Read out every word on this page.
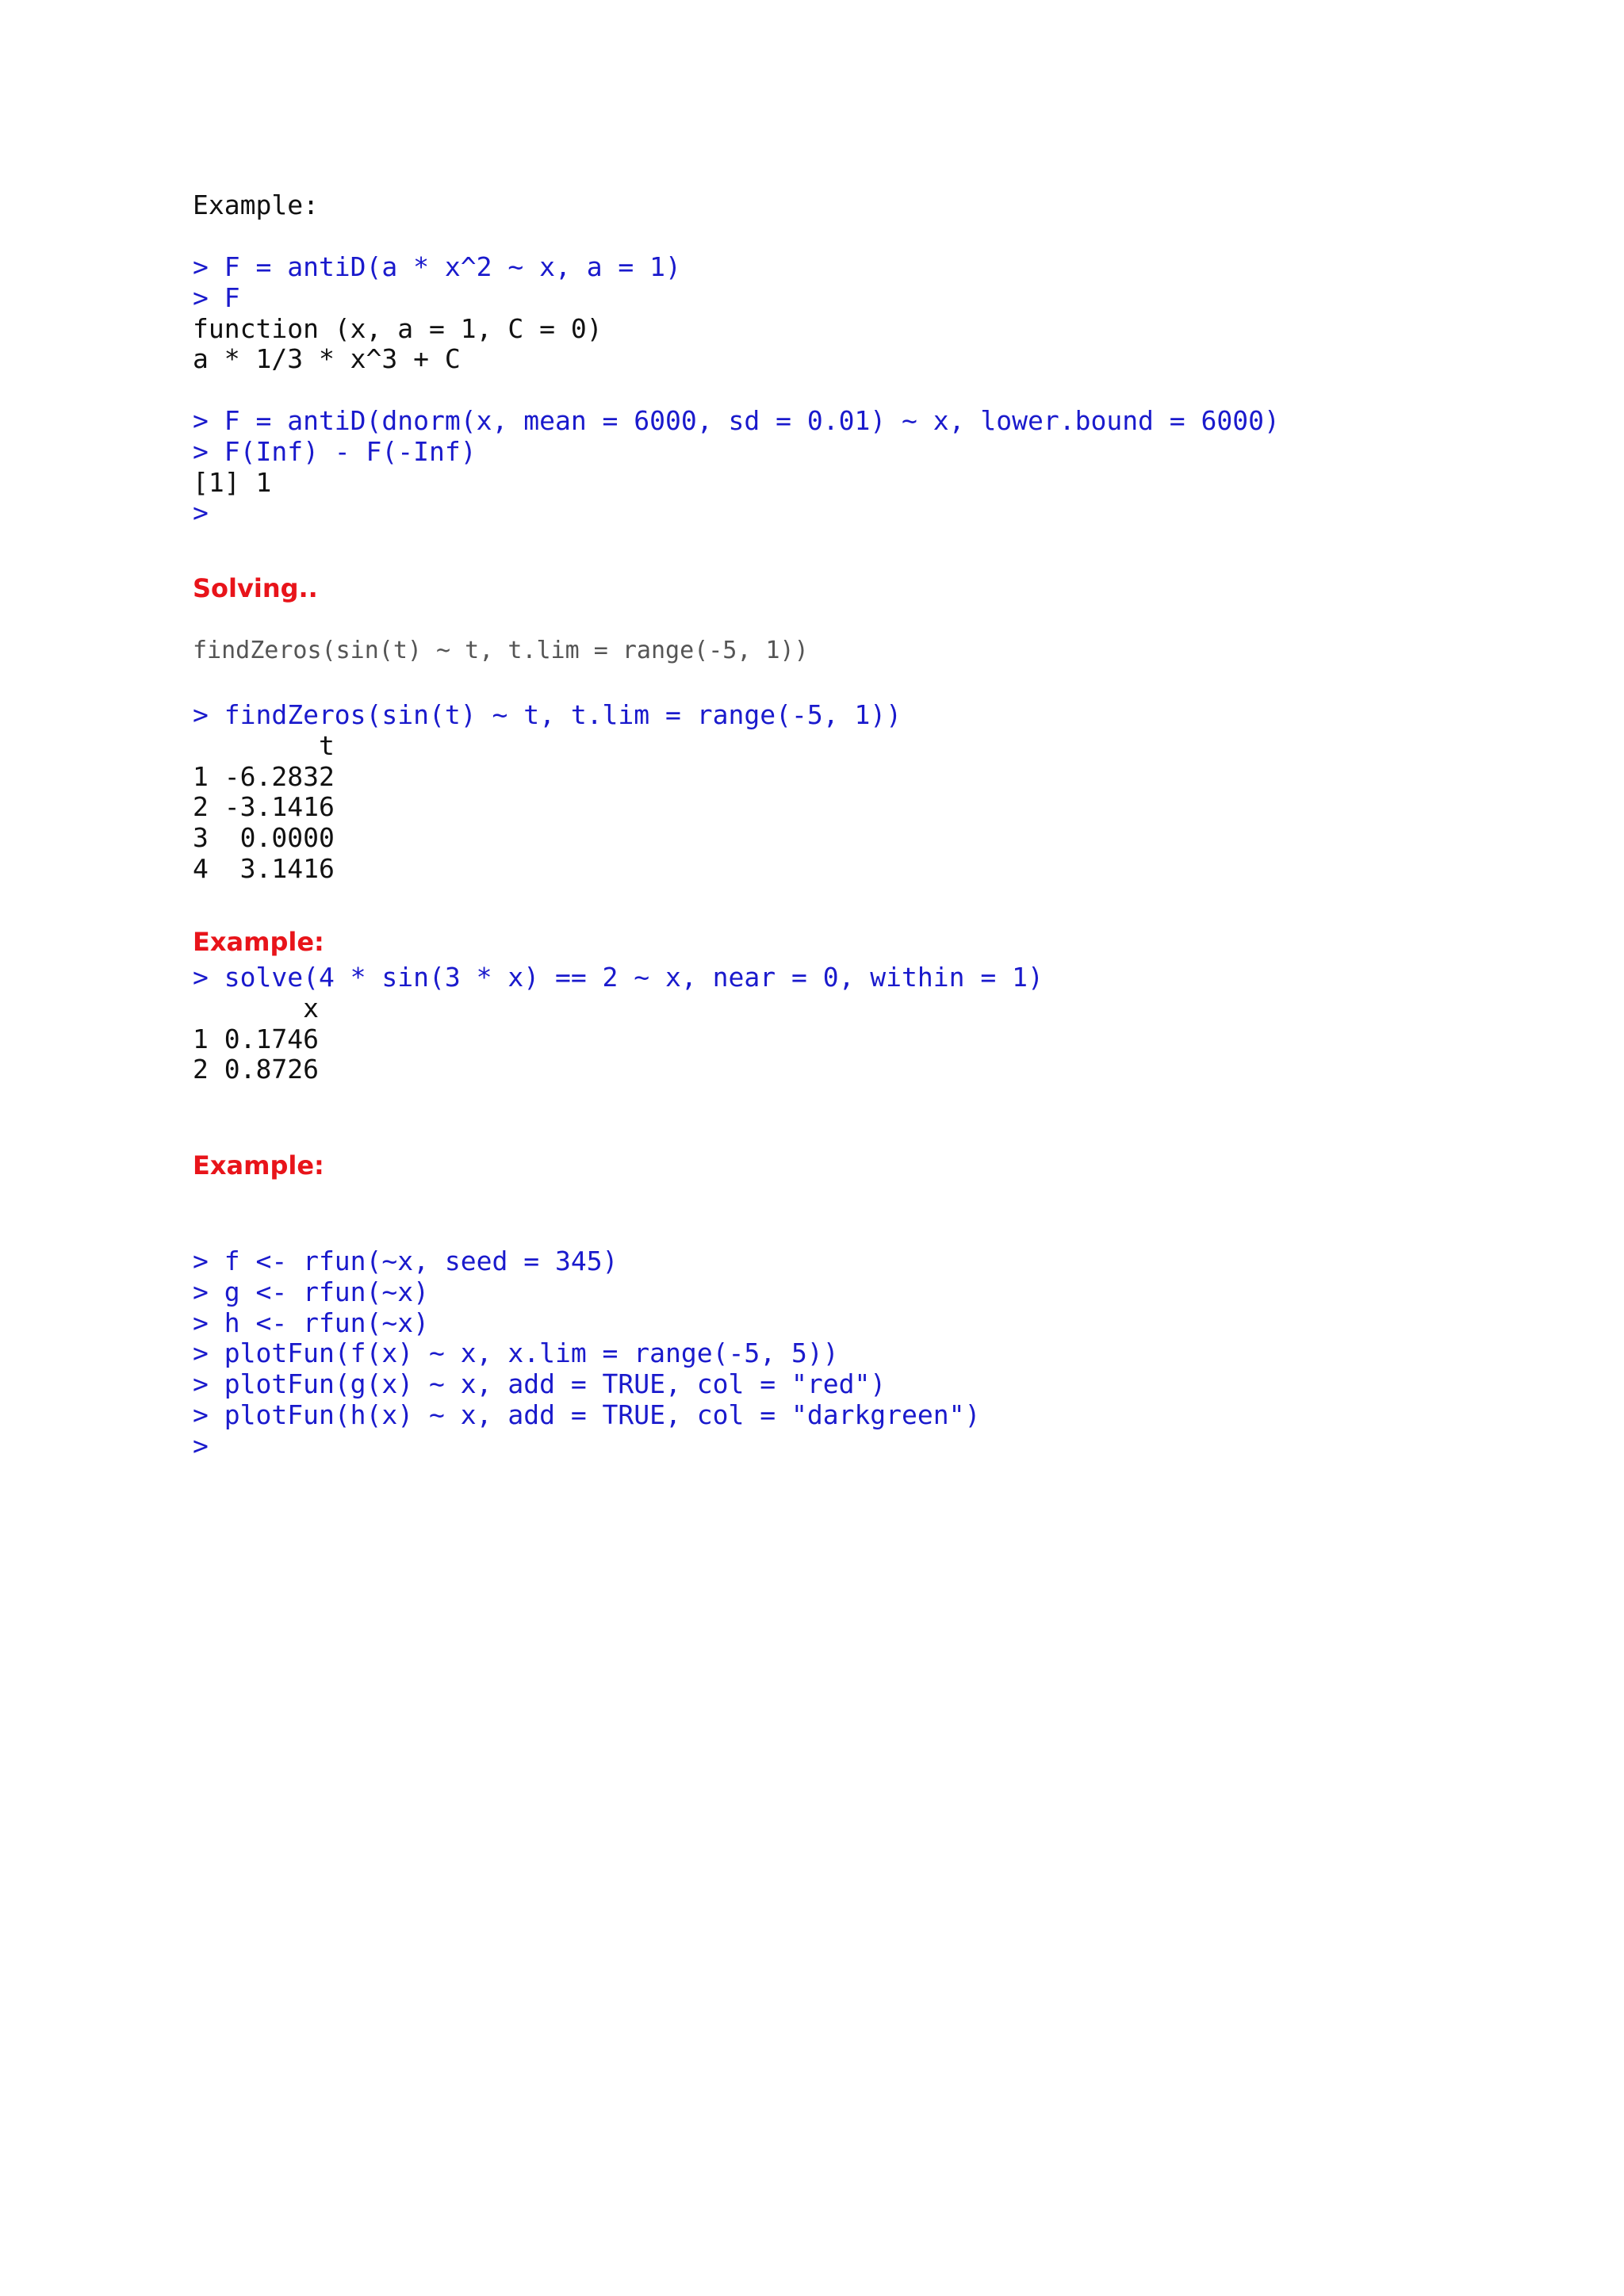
Example:
> F = antiD(a * x^2 ~ x, a = 1)
> F
function (x, a = 1, C = 0)
a * 1/3 * x^3 + C
> F = antiD(dnorm(x, mean = 6000, sd = 0.01) ~ x, lower.bound = 6000)
> F(Inf) - F(-Inf)
[1] 1
>
Solving..
findZeros(sin(t) ~ t, t.lim = range(-5, 1))
> findZeros(sin(t) ~ t, t.lim = range(-5, 1))
t
1 -6.2832
2 -3.1416
3  0.0000
4  3.1416
Example:
> solve(4 * sin(3 * x) == 2 ~ x, near = 0, within = 1)
x
1 0.1746
2 0.8726
Example:
> f <- rfun(~x, seed = 345)
> g <- rfun(~x)
> h <- rfun(~x)
> plotFun(f(x) ~ x, x.lim = range(-5, 5))
> plotFun(g(x) ~ x, add = TRUE, col = "red")
> plotFun(h(x) ~ x, add = TRUE, col = "darkgreen")
>
